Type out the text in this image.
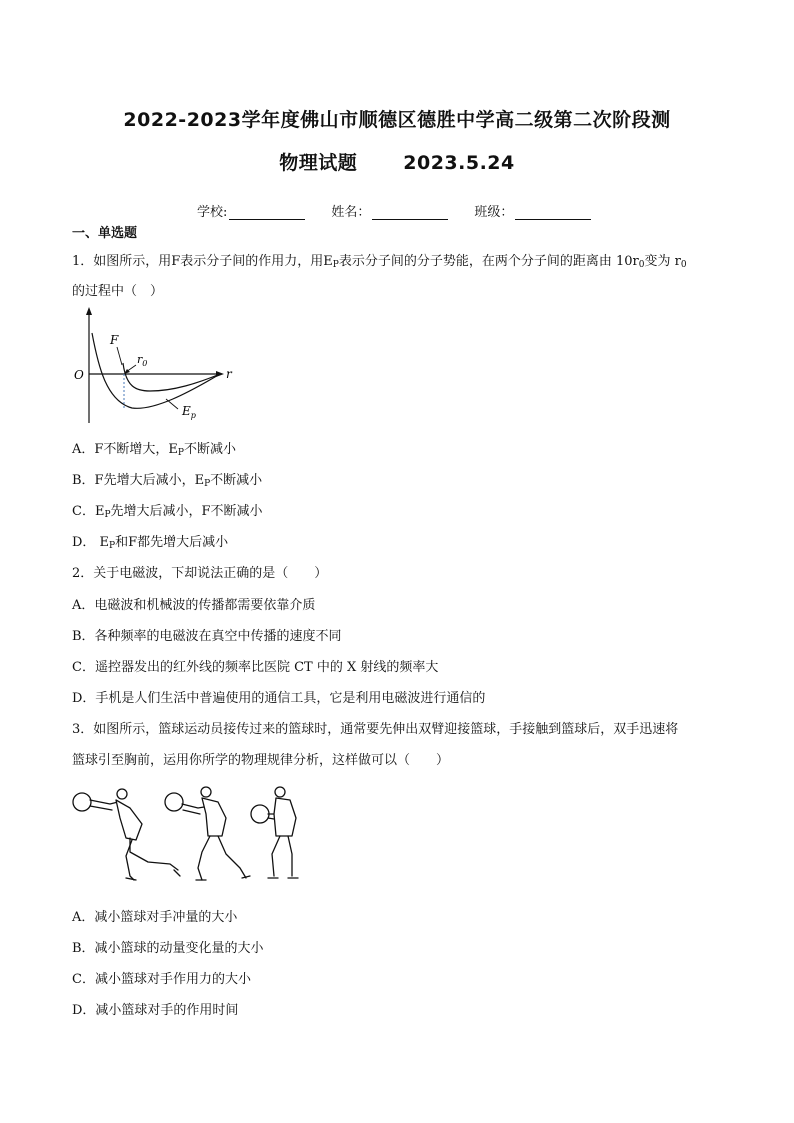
2022-2023学年度佛山市顺德区德胜中学高二级第二次阶段测
物理试题 2023.5.24
学校:	姓名：	班级：
一、单选题
1．如图所示，用F表示分子间的作用力，用$E_P$表示分子间的分子势能，在两个分子间的距离由 $10r_0$变为 $r_0$
的过程中（　）
F
$r_0$
O	r
$E_p$
A．F不断增大，$E_P$不断减小
B．F先增大后减小，$E_P$不断减小
C．$E_P$先增大后减小，F不断减小
D． $E_P$和F都先增大后减小
2．关于电磁波，下却说法正确的是（　　）
A．电磁波和机械波的传播都需要依靠介质
B．各种频率的电磁波在真空中传播的速度不同
C．遥控器发出的红外线的频率比医院 CT 中的 X 射线的频率大
D．手机是人们生活中普遍使用的通信工具，它是利用电磁波进行通信的
3．如图所示，篮球运动员接传过来的篮球时，通常要先伸出双臂迎接篮球，手接触到篮球后，双手迅速将
篮球引至胸前，运用你所学的物理规律分析，这样做可以（　　）
A．减小篮球对手冲量的大小
B．减小篮球的动量变化量的大小
C．减小篮球对手作用力的大小
D．减小篮球对手的作用时间
